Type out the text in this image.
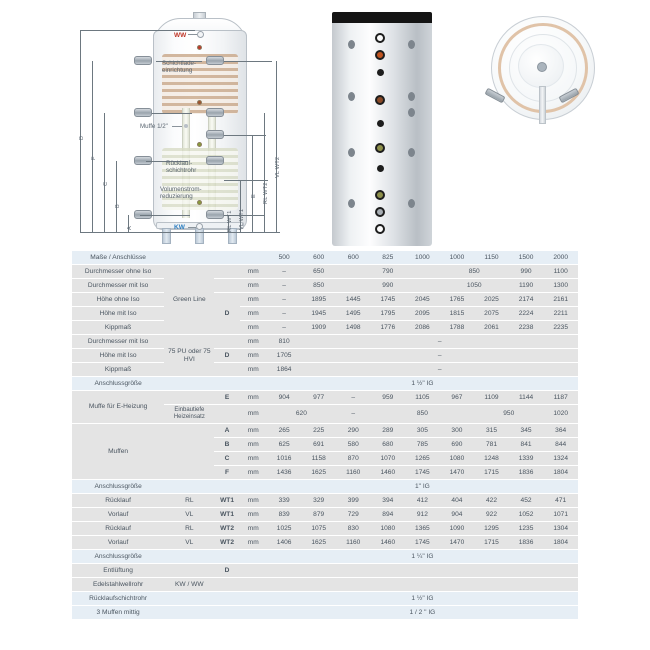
D
F
C
B
A	RL WT1 VL WT1
E RL WT2
VL WT2
WW
Schichtlade-
einrichtung
Muffe 1/2"
Rücklauf-
schichtrohr
Volumenstrom-
reduzierung
KW
Maße / Anschlüsse				500	600	600	825	1000	1000	1150	1500	2000
Durchmesser ohne Iso	Green Line		mm	–	650	790			850		990	1100
Durchmesser mit Iso			mm	–	850	990			1050		1190	1300
Höhe ohne Iso		D	mm	–	1895	1445	1745	2045	1765	2025	2174	2161
Höhe mit Iso			mm	–	1945	1495	1795	2095	1815	2075	2224	2211
Kippmaß			mm	–	1909	1498	1776	2086	1788	2061	2238	2235
Durchmesser mit Iso	75 PU oder 75 HVI		mm	810	–							
Höhe mit Iso		D	mm	1705	–							
Kippmaß			mm	1864	–							
Anschlussgröße				1 ½" IG								
Muffe für E-Heizung		E	mm	904	977	–	959	1105	967	1109	1144	1187
	Einbautiefe Heizeinsatz		mm	620		–	850			950		1020
Muffen		A	mm	265	225	290	289	305	300	315	345	364
		B	mm	625	691	580	680	785	690	781	841	844
		C	mm	1016	1158	870	1070	1265	1080	1248	1339	1324
		F	mm	1436	1625	1160	1460	1745	1470	1715	1836	1804
Anschlussgröße				1" IG								
Rücklauf	RL	WT1	mm	339	329	399	394	412	404	422	452	471
Vorlauf	VL	WT1	mm	839	879	729	894	912	904	922	1052	1071
Rücklauf	RL	WT2	mm	1025	1075	830	1080	1365	1090	1295	1235	1304
Vorlauf	VL	WT2	mm	1406	1625	1160	1460	1745	1470	1715	1836	1804
Anschlussgröße				1 ¼" IG								
Entlüftung		D										
Edelstahlwellrohr	KW / WW											
Rücklaufschichtrohr				1 ½" IG								
3 Muffen mittig				1 / 2 " IG								
